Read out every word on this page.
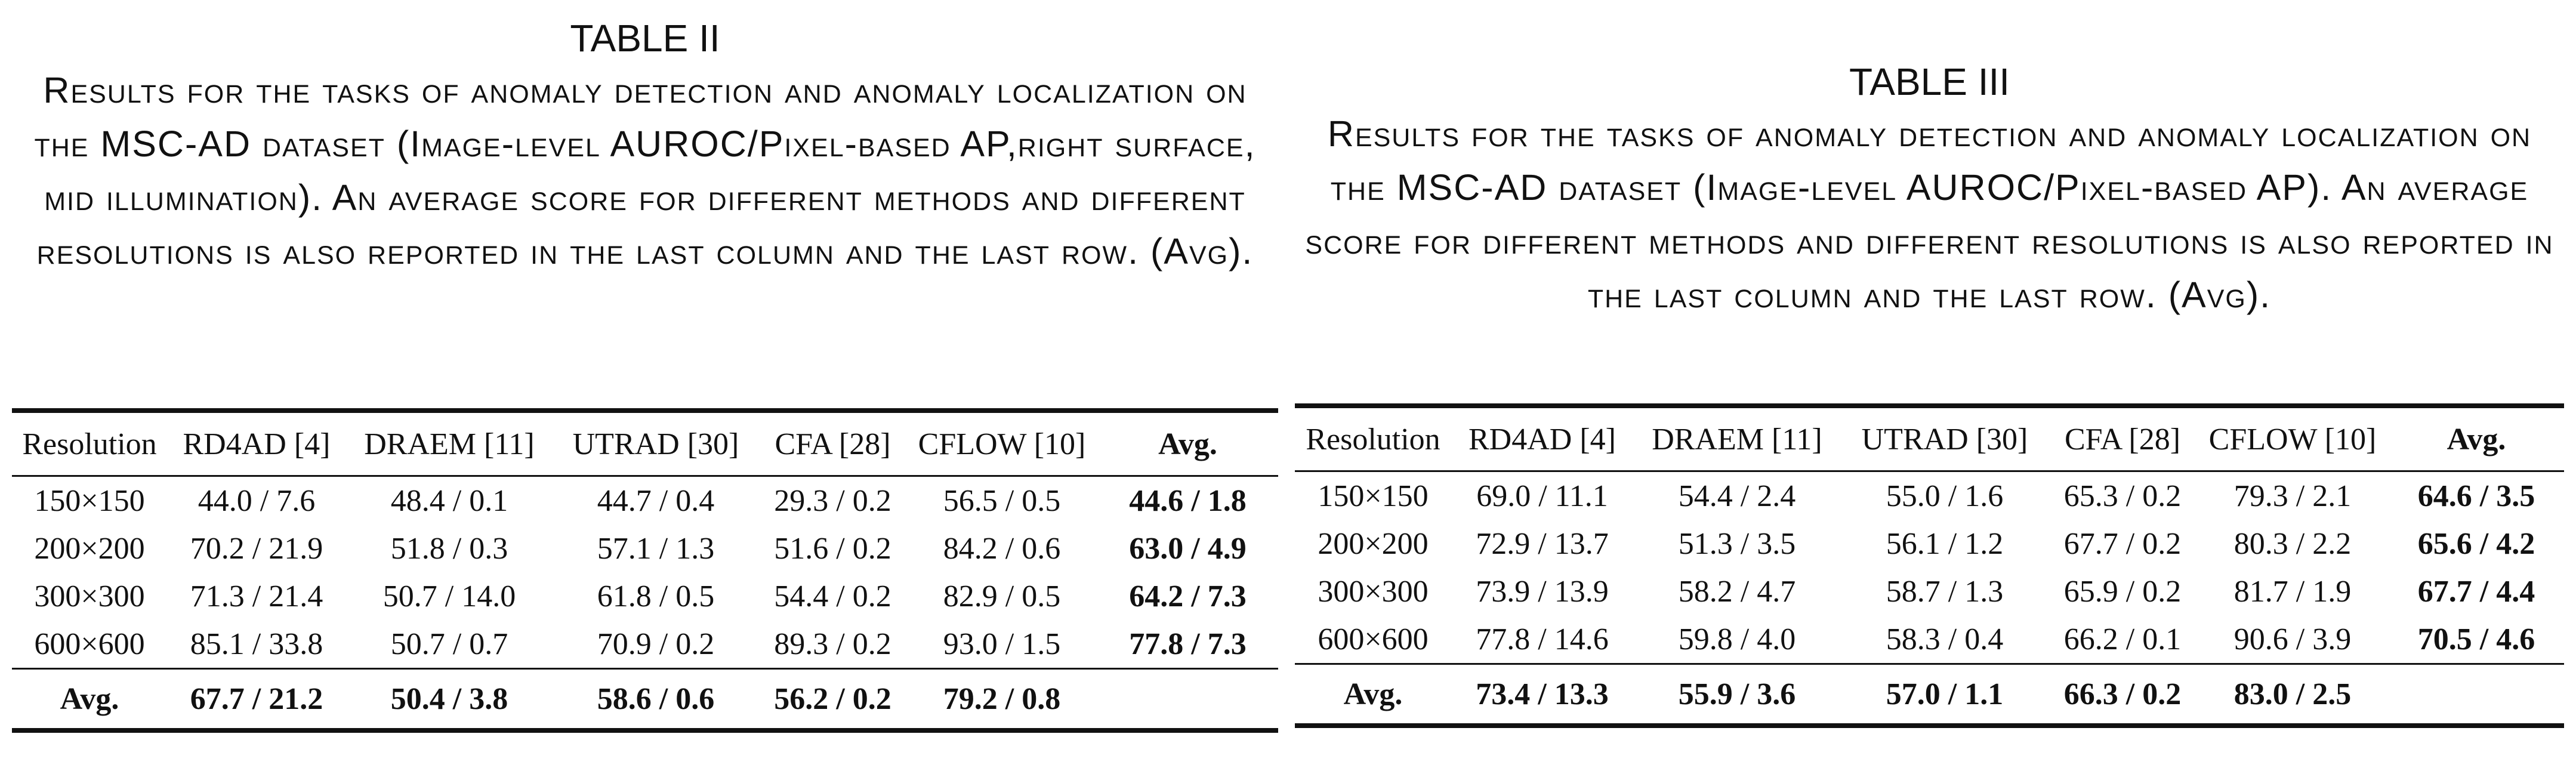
TABLE II
Results for the tasks of anomaly detection and anomaly localization on the MSC-AD dataset (Image-level AUROC/Pixel-based AP,right surface, mid illumination). An average score for different methods and different resolutions is also reported in the last column and the last row. (Avg).
Resolution	RD4AD [4]	DRAEM [11]	UTRAD [30]	CFA [28]	CFLOW [10]	Avg.
150×150	44.0 / 7.6	48.4 / 0.1	44.7 / 0.4	29.3 / 0.2	56.5 / 0.5	44.6 / 1.8
200×200	70.2 / 21.9	51.8 / 0.3	57.1 / 1.3	51.6 / 0.2	84.2 / 0.6	63.0 / 4.9
300×300	71.3 / 21.4	50.7 / 14.0	61.8 / 0.5	54.4 / 0.2	82.9 / 0.5	64.2 / 7.3
600×600	85.1 / 33.8	50.7 / 0.7	70.9 / 0.2	89.3 / 0.2	93.0 / 1.5	77.8 / 7.3
Avg.	67.7 / 21.2	50.4 / 3.8	58.6 / 0.6	56.2 / 0.2	79.2 / 0.8	
TABLE III
Results for the tasks of anomaly detection and anomaly localization on the MSC-AD dataset (Image-level AUROC/Pixel-based AP). An average score for different methods and different resolutions is also reported in the last column and the last row. (Avg).
Resolution	RD4AD [4]	DRAEM [11]	UTRAD [30]	CFA [28]	CFLOW [10]	Avg.
150×150	69.0 / 11.1	54.4 / 2.4	55.0 / 1.6	65.3 / 0.2	79.3 / 2.1	64.6 / 3.5
200×200	72.9 / 13.7	51.3 / 3.5	56.1 / 1.2	67.7 / 0.2	80.3 / 2.2	65.6 / 4.2
300×300	73.9 / 13.9	58.2 / 4.7	58.7 / 1.3	65.9 / 0.2	81.7 / 1.9	67.7 / 4.4
600×600	77.8 / 14.6	59.8 / 4.0	58.3 / 0.4	66.2 / 0.1	90.6 / 3.9	70.5 / 4.6
Avg.	73.4 / 13.3	55.9 / 3.6	57.0 / 1.1	66.3 / 0.2	83.0 / 2.5	
